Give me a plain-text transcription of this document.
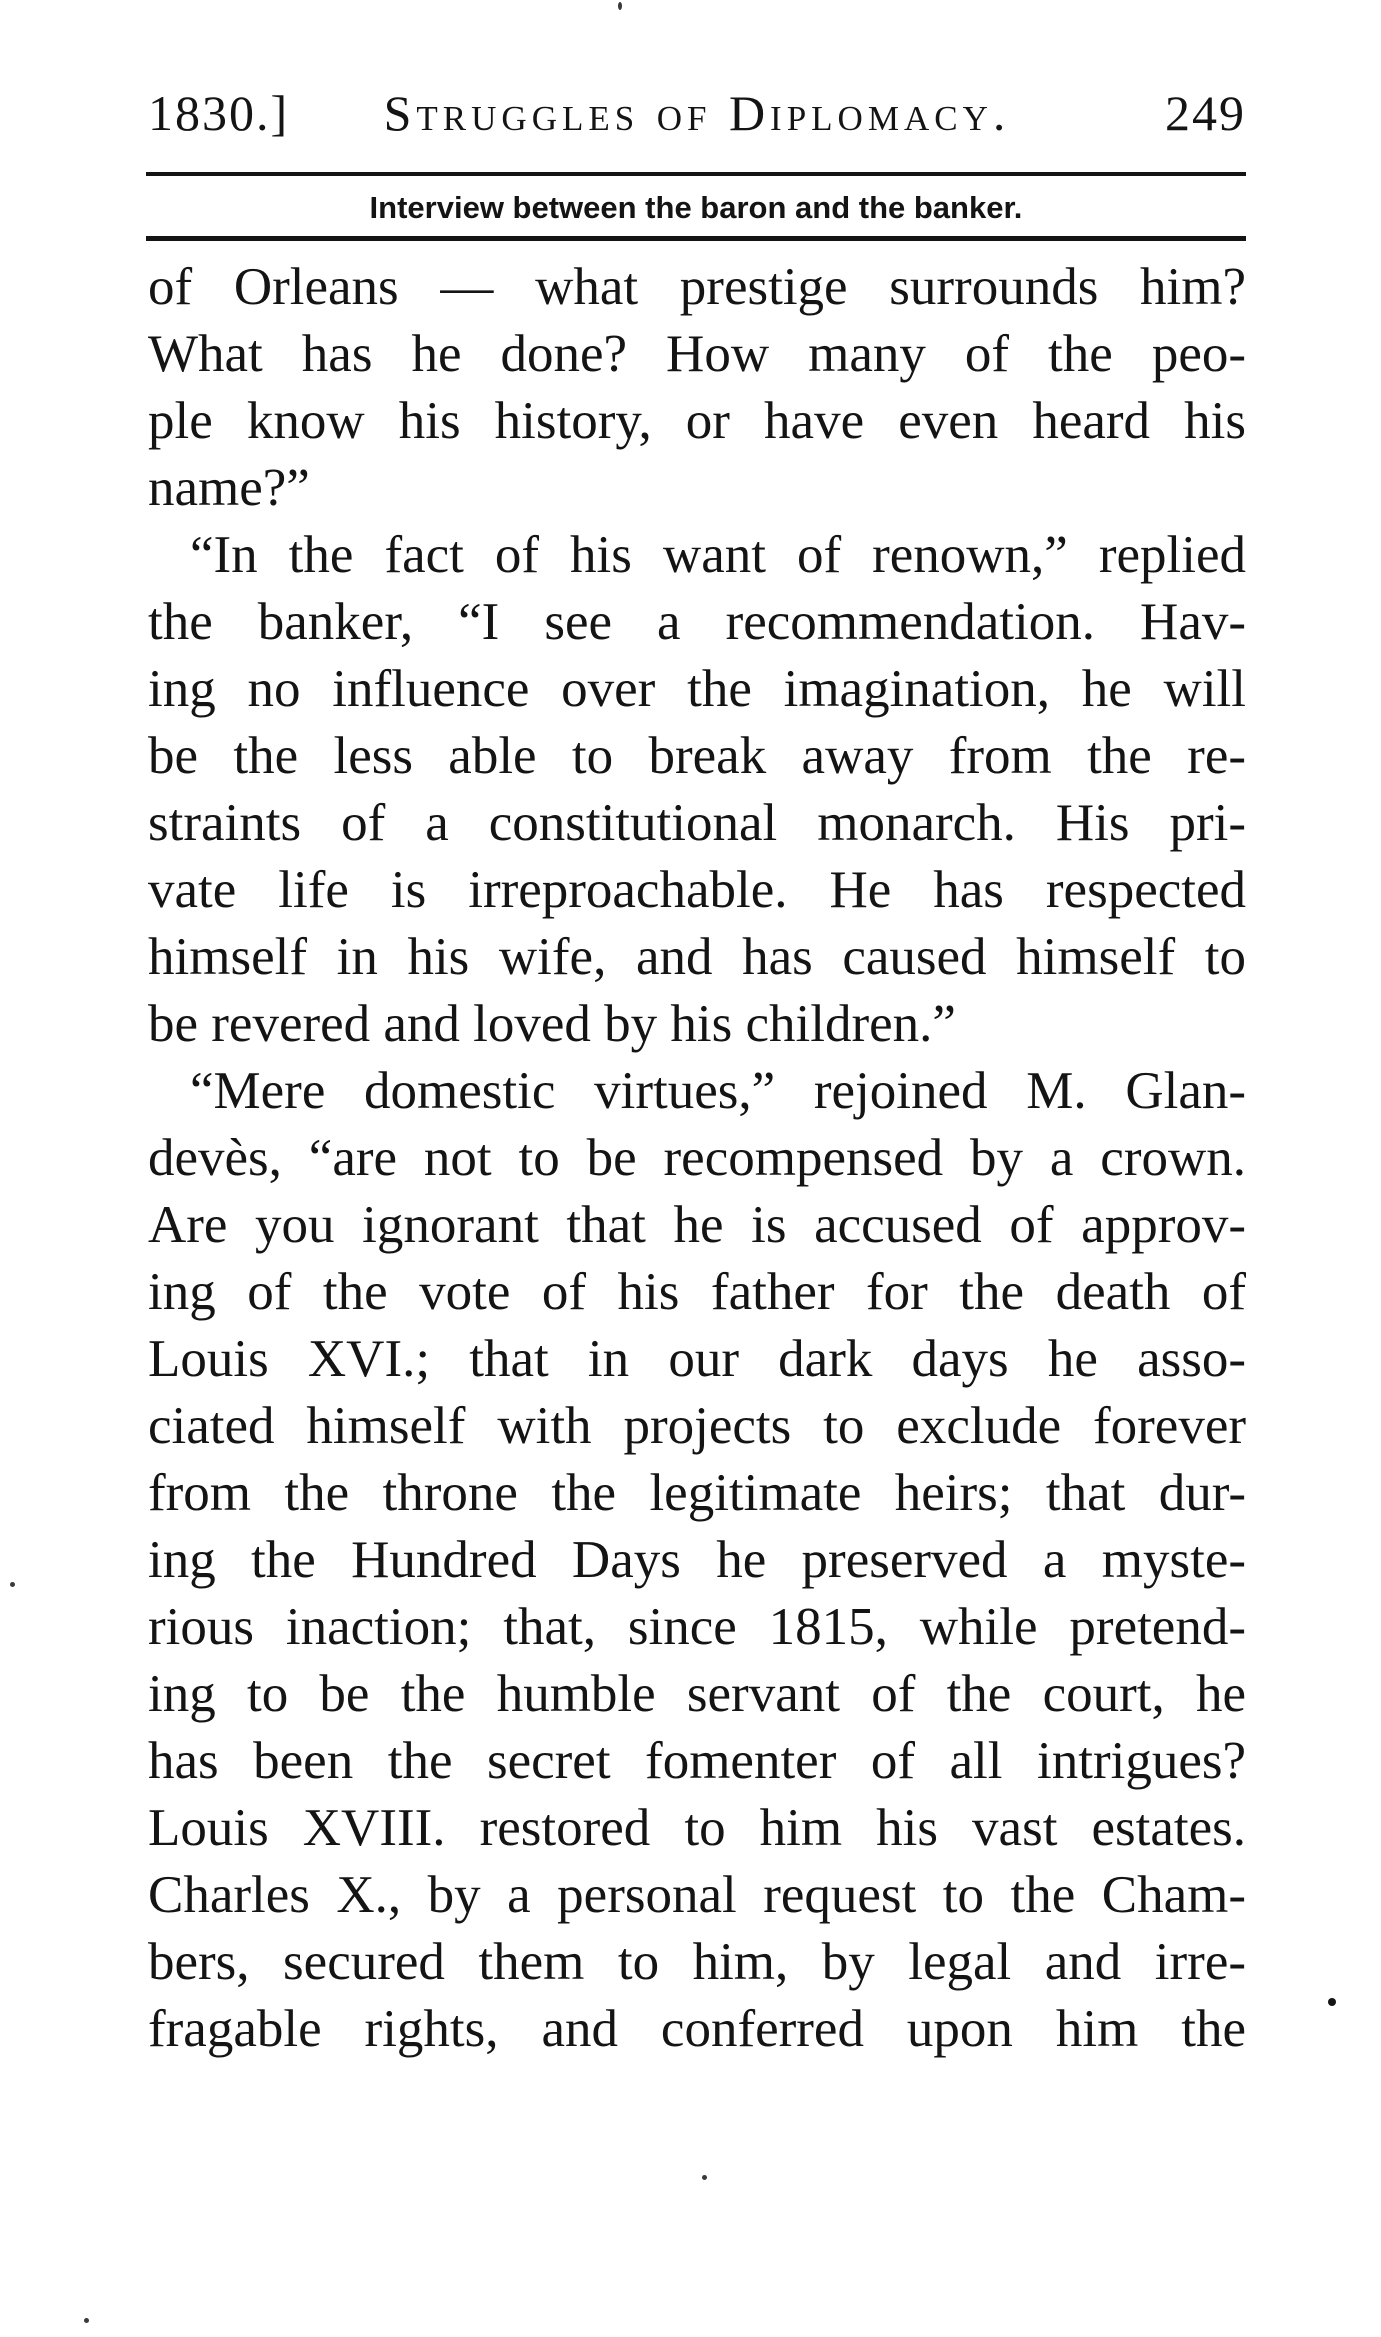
1830.]	Struggles of Diplomacy.	249
Interview between the baron and the banker.
of Orleans — what prestige surrounds him?
What has he done? How many of the peo-
ple know his history, or have even heard his
name?”
“In the fact of his want of renown,” replied
the banker, “I see a recommendation. Hav-
ing no influence over the imagination, he will
be the less able to break away from the re-
straints of a constitutional monarch. His pri-
vate life is irreproachable. He has respected
himself in his wife, and has caused himself to
be revered and loved by his children.”
“Mere domestic virtues,” rejoined M. Glan-
devès, “are not to be recompensed by a crown.
Are you ignorant that he is accused of approv-
ing of the vote of his father for the death of
Louis XVI.; that in our dark days he asso-
ciated himself with projects to exclude forever
from the throne the legitimate heirs; that dur-
ing the Hundred Days he preserved a myste-
rious inaction; that, since 1815, while pretend-
ing to be the humble servant of the court, he
has been the secret fomenter of all intrigues?
Louis XVIII. restored to him his vast estates.
Charles X., by a personal request to the Cham-
bers, secured them to him, by legal and irre-
fragable rights, and conferred upon him the
